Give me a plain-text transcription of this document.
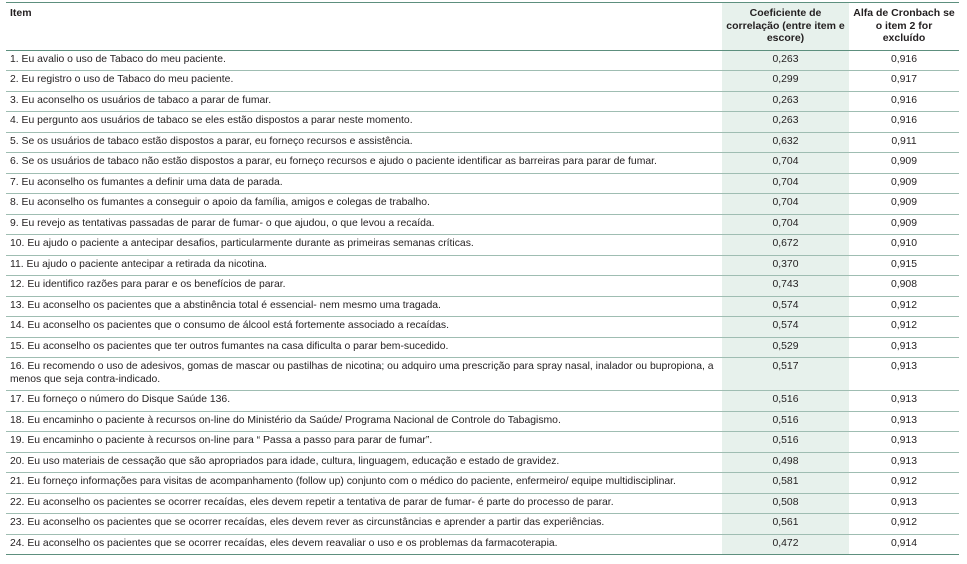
Item	Coeficiente de correlação (entre item e escore)	Alfa de Cronbach se o item 2 for excluído
1. Eu avalio o uso de Tabaco do meu paciente.	0,263	0,916
2. Eu registro o uso de Tabaco do meu paciente.	0,299	0,917
3. Eu aconselho os usuários de tabaco a parar de fumar.	0,263	0,916
4. Eu pergunto aos usuários de tabaco se eles estão dispostos a parar neste momento.	0,263	0,916
5. Se os usuários de tabaco estão dispostos a parar, eu forneço recursos e assistência.	0,632	0,911
6. Se os usuários de tabaco não estão dispostos a parar, eu forneço recursos e ajudo o paciente identificar as barreiras para parar de fumar.	0,704	0,909
7. Eu aconselho os fumantes a definir uma data de parada.	0,704	0,909
8. Eu aconselho os fumantes a conseguir o apoio da família, amigos e colegas de trabalho.	0,704	0,909
9. Eu revejo as tentativas passadas de parar de fumar- o que ajudou, o que levou a recaída.	0,704	0,909
10. Eu ajudo o paciente a antecipar desafios, particularmente durante as primeiras semanas críticas.	0,672	0,910
11. Eu ajudo o paciente antecipar a retirada da nicotina.	0,370	0,915
12. Eu identifico razões para parar e os benefícios de parar.	0,743	0,908
13. Eu aconselho os pacientes que a abstinência total é essencial- nem mesmo uma tragada.	0,574	0,912
14. Eu aconselho os pacientes que o consumo de álcool está fortemente associado a recaídas.	0,574	0,912
15. Eu aconselho os pacientes que ter outros fumantes na casa dificulta o parar bem-sucedido.	0,529	0,913
16. Eu recomendo o uso de adesivos, gomas de mascar ou pastilhas de nicotina; ou adquiro uma prescrição para spray nasal, inalador ou bupropiona, a menos que seja contra-indicado.	0,517	0,913
17. Eu forneço o número do Disque Saúde 136.	0,516	0,913
18. Eu encaminho o paciente à recursos on-line do Ministério da Saúde/ Programa Nacional de Controle do Tabagismo.	0,516	0,913
19. Eu encaminho o paciente à recursos on-line para “ Passa a passo para parar de fumar”.	0,516	0,913
20. Eu uso materiais de cessação que são apropriados para idade, cultura, linguagem, educação e estado de gravidez.	0,498	0,913
21. Eu forneço informações para visitas de acompanhamento (follow up) conjunto com o médico do paciente, enfermeiro/ equipe multidisciplinar.	0,581	0,912
22. Eu aconselho os pacientes se ocorrer recaídas, eles devem repetir a tentativa de parar de fumar- é parte do processo de parar.	0,508	0,913
23. Eu aconselho os pacientes que se ocorrer recaídas, eles devem rever as circunstâncias e aprender a partir das experiências.	0,561	0,912
24. Eu aconselho os pacientes que se ocorrer recaídas, eles devem reavaliar o uso e os problemas da farmacoterapia.	0,472	0,914
